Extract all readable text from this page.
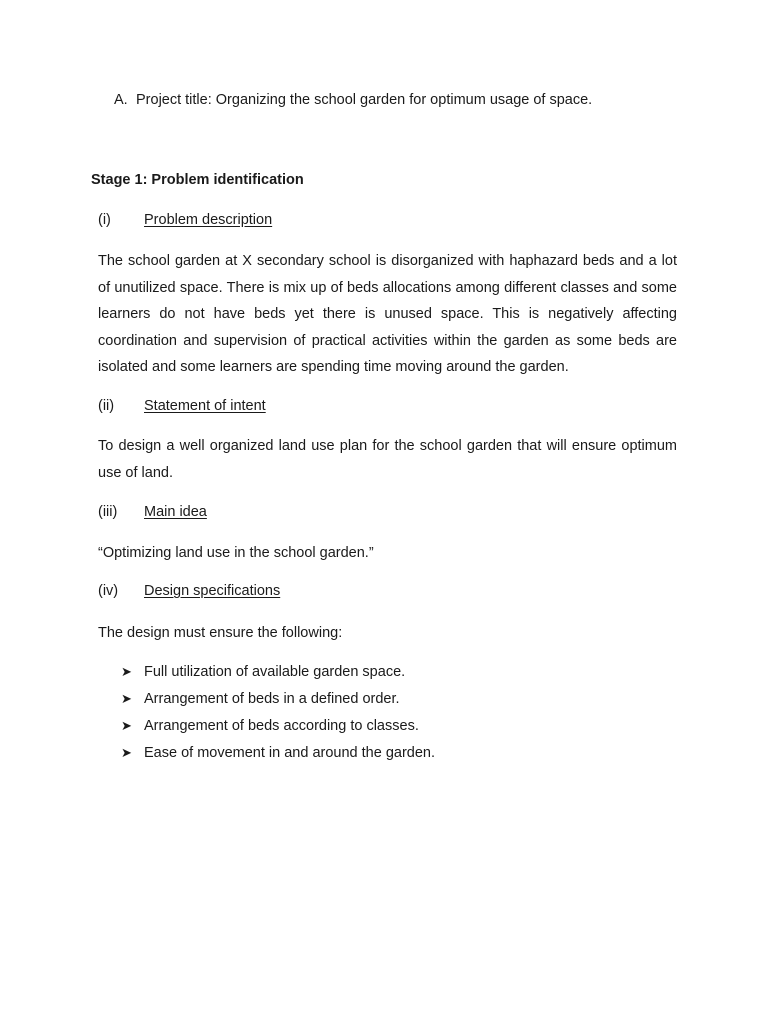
A. Project title: Organizing the school garden for optimum usage of space.
Stage 1: Problem identification
(i) Problem description
The school garden at X secondary school is disorganized with haphazard beds and a lot of unutilized space. There is mix up of beds allocations among different classes and some learners do not have beds yet there is unused space. This is negatively affecting coordination and supervision of practical activities within the garden as some beds are isolated and some learners are spending time moving around the garden.
(ii) Statement of intent
To design a well organized land use plan for the school garden that will ensure optimum use of land.
(iii) Main idea
“Optimizing land use in the school garden.”
(iv) Design specifications
The design must ensure the following:
➤ Full utilization of available garden space.
➤ Arrangement of beds in a defined order.
➤ Arrangement of beds according to classes.
➤ Ease of movement in and around the garden.
